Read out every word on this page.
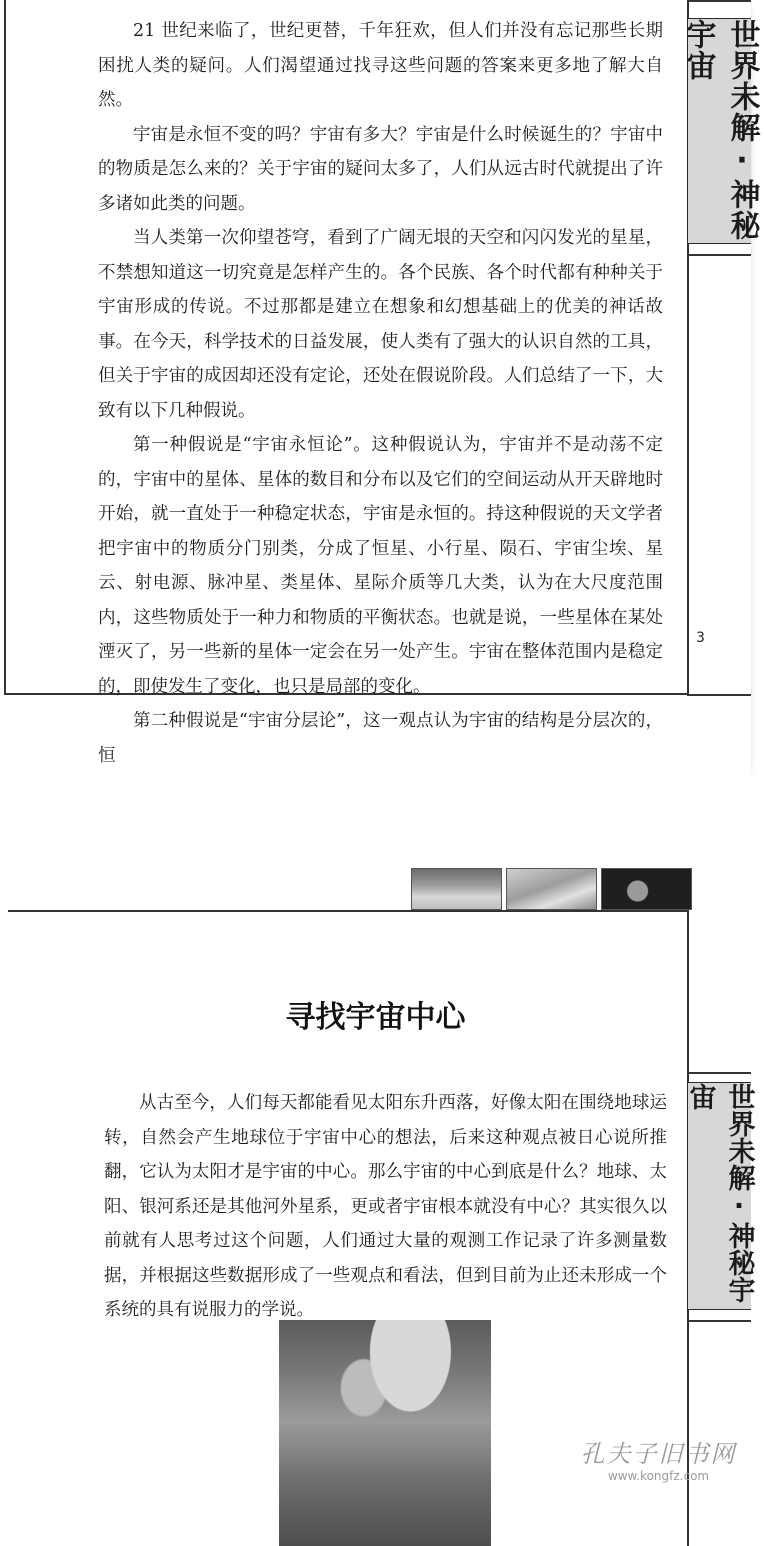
世界未解·神秘宇宙
3

21 世纪来临了，世纪更替，千年狂欢，但人们并没有忘记那些长期困扰人类的疑问。人们渴望通过找寻这些问题的答案来更多地了解大自然。

宇宙是永恒不变的吗？宇宙有多大？宇宙是什么时候诞生的？宇宙中的物质是怎么来的？关于宇宙的疑问太多了，人们从远古时代就提出了许多诸如此类的问题。

当人类第一次仰望苍穹，看到了广阔无垠的天空和闪闪发光的星星，不禁想知道这一切究竟是怎样产生的。各个民族、各个时代都有种种关于宇宙形成的传说。不过那都是建立在想象和幻想基础上的优美的神话故事。在今天，科学技术的日益发展，使人类有了强大的认识自然的工具，但关于宇宙的成因却还没有定论，还处在假说阶段。人们总结了一下，大致有以下几种假说。

第一种假说是“宇宙永恒论”。这种假说认为，宇宙并不是动荡不定的，宇宙中的星体、星体的数目和分布以及它们的空间运动从开天辟地时开始，就一直处于一种稳定状态，宇宙是永恒的。持这种假说的天文学者把宇宙中的物质分门别类，分成了恒星、小行星、陨石、宇宙尘埃、星云、射电源、脉冲星、类星体、星际介质等几大类，认为在大尺度范围内，这些物质处于一种力和物质的平衡状态。也就是说，一些星体在某处湮灭了，另一些新的星体一定会在另一处产生。宇宙在整体范围内是稳定的，即使发生了变化，也只是局部的变化。

第二种假说是“宇宙分层论”，这一观点认为宇宙的结构是分层次的，恒

寻找宇宙中心

从古至今，人们每天都能看见太阳东升西落，好像太阳在围绕地球运转，自然会产生地球位于宇宙中心的想法，后来这种观点被日心说所推翻，它认为太阳才是宇宙的中心。那么宇宙的中心到底是什么？地球、太阳、银河系还是其他河外星系，更或者宇宙根本就没有中心？其实很久以前就有人思考过这个问题，人们通过大量的观测工作记录了许多测量数据，并根据这些数据形成了一些观点和看法，但到目前为止还未形成一个系统的具有说服力的学说。

世界未解·神秘宇宙
孔夫子旧书网
www.kongfz.com
